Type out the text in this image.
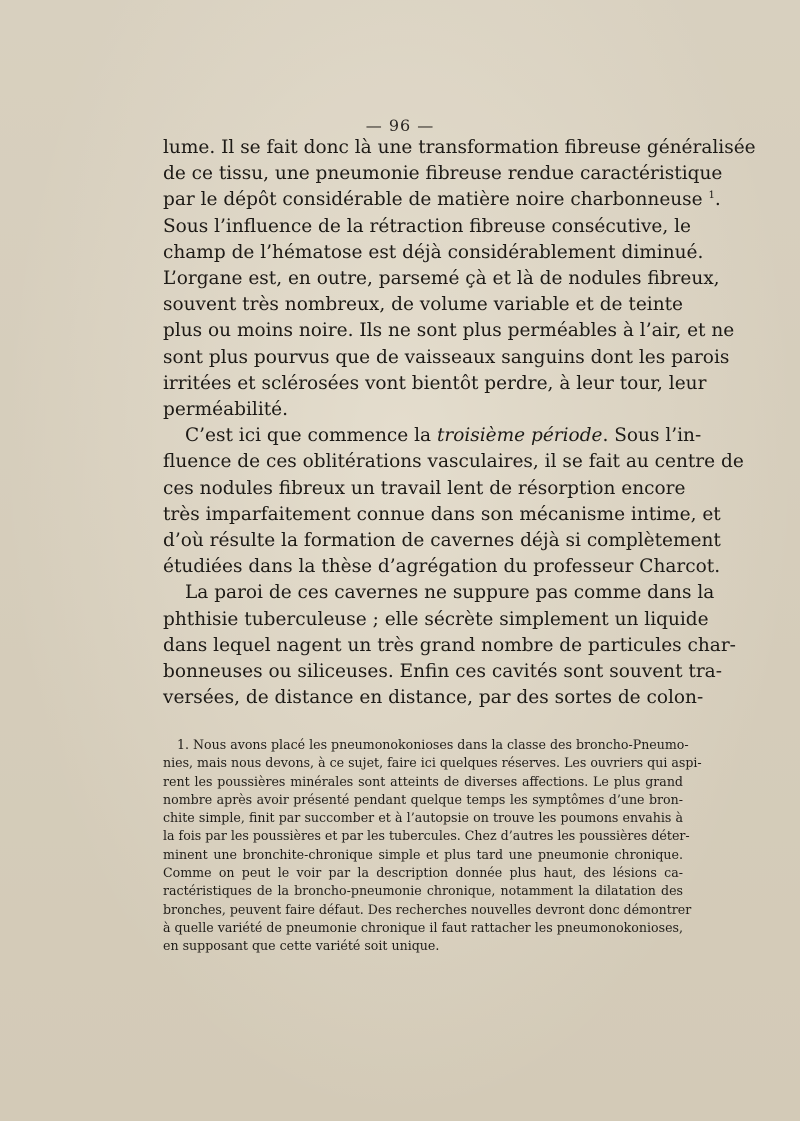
— 96 —
lume. Il se fait donc là une transformation fibreuse généralisée
de ce tissu, une pneumonie fibreuse rendue caractéristique
par le dépôt considérable de matière noire charbonneuse $^1$.
Sous l’influence de la rétraction fibreuse consécutive, le
champ de l’hématose est déjà considérablement diminué.
L’organe est, en outre, parsemé çà et là de nodules fibreux,
souvent très nombreux, de volume variable et de teinte
plus ou moins noire. Ils ne sont plus perméables à l’air, et ne
sont plus pourvus que de vaisseaux sanguins dont les parois
irritées et sclérosées vont bientôt perdre, à leur tour, leur
perméabilité.
C’est ici que commence la troisième période. Sous l’in-
fluence de ces oblitérations vasculaires, il se fait au centre de
ces nodules fibreux un travail lent de résorption encore
très imparfaitement connue dans son mécanisme intime, et
d’où résulte la formation de cavernes déjà si complètement
étudiées dans la thèse d’agrégation du professeur Charcot.
La paroi de ces cavernes ne suppure pas comme dans la
phthisie tuberculeuse ; elle sécrète simplement un liquide
dans lequel nagent un très grand nombre de particules char-
bonneuses ou siliceuses. Enfin ces cavités sont souvent tra-
versées, de distance en distance, par des sortes de colon-
1. Nous avons placé les pneumonokonioses dans la classe des broncho-Pneumo-
nies, mais nous devons, à ce sujet, faire ici quelques réserves. Les ouvriers qui aspi-
rent les poussières minérales sont atteints de diverses affections. Le plus grand
nombre après avoir présenté pendant quelque temps les symptômes d’une bron-
chite simple, finit par succomber et à l’autopsie on trouve les poumons envahis à
la fois par les poussières et par les tubercules. Chez d’autres les poussières déter-
minent une bronchite-chronique simple et plus tard une pneumonie chronique.
Comme on peut le voir par la description donnée plus haut, des lésions ca-
ractéristiques de la broncho-pneumonie chronique, notamment la dilatation des
bronches, peuvent faire défaut. Des recherches nouvelles devront donc démontrer
à quelle variété de pneumonie chronique il faut rattacher les pneumonokonioses,
en supposant que cette variété soit unique.
